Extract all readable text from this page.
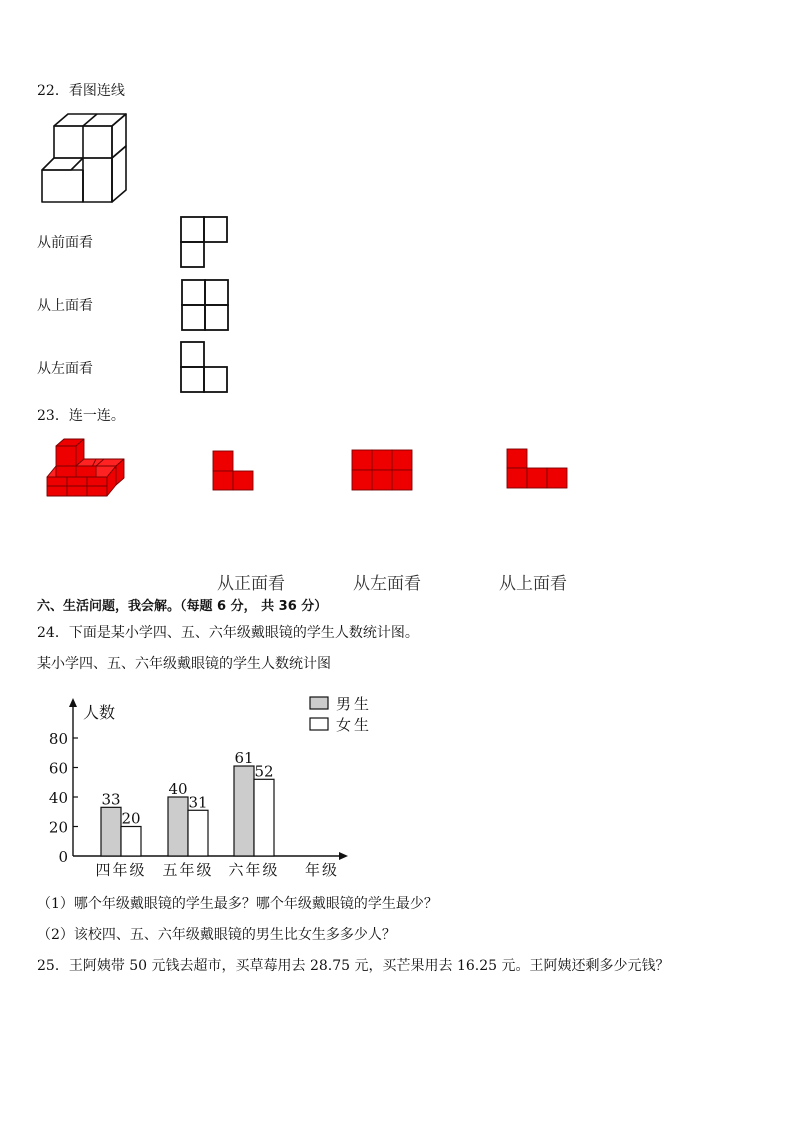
22．看图连线
从前面看
从上面看
从左面看
23．连一连。
从正面看	从左面看	从上面看
六、生活问题，我会解。（每题 6 分， 共 36 分）
24．下面是某小学四、五、六年级戴眼镜的学生人数统计图。
某小学四、五、六年级戴眼镜的学生人数统计图
人数
0
20
40
60
80
33
20
四年级
40
31
五年级
61
52
六年级 年级
男生
女生
（1）哪个年级戴眼镜的学生最多？哪个年级戴眼镜的学生最少？
（2）该校四、五、六年级戴眼镜的男生比女生多多少人？
25．王阿姨带 50 元钱去超市，买草莓用去 28.75 元，买芒果用去 16.25 元。王阿姨还剩多少元钱？
